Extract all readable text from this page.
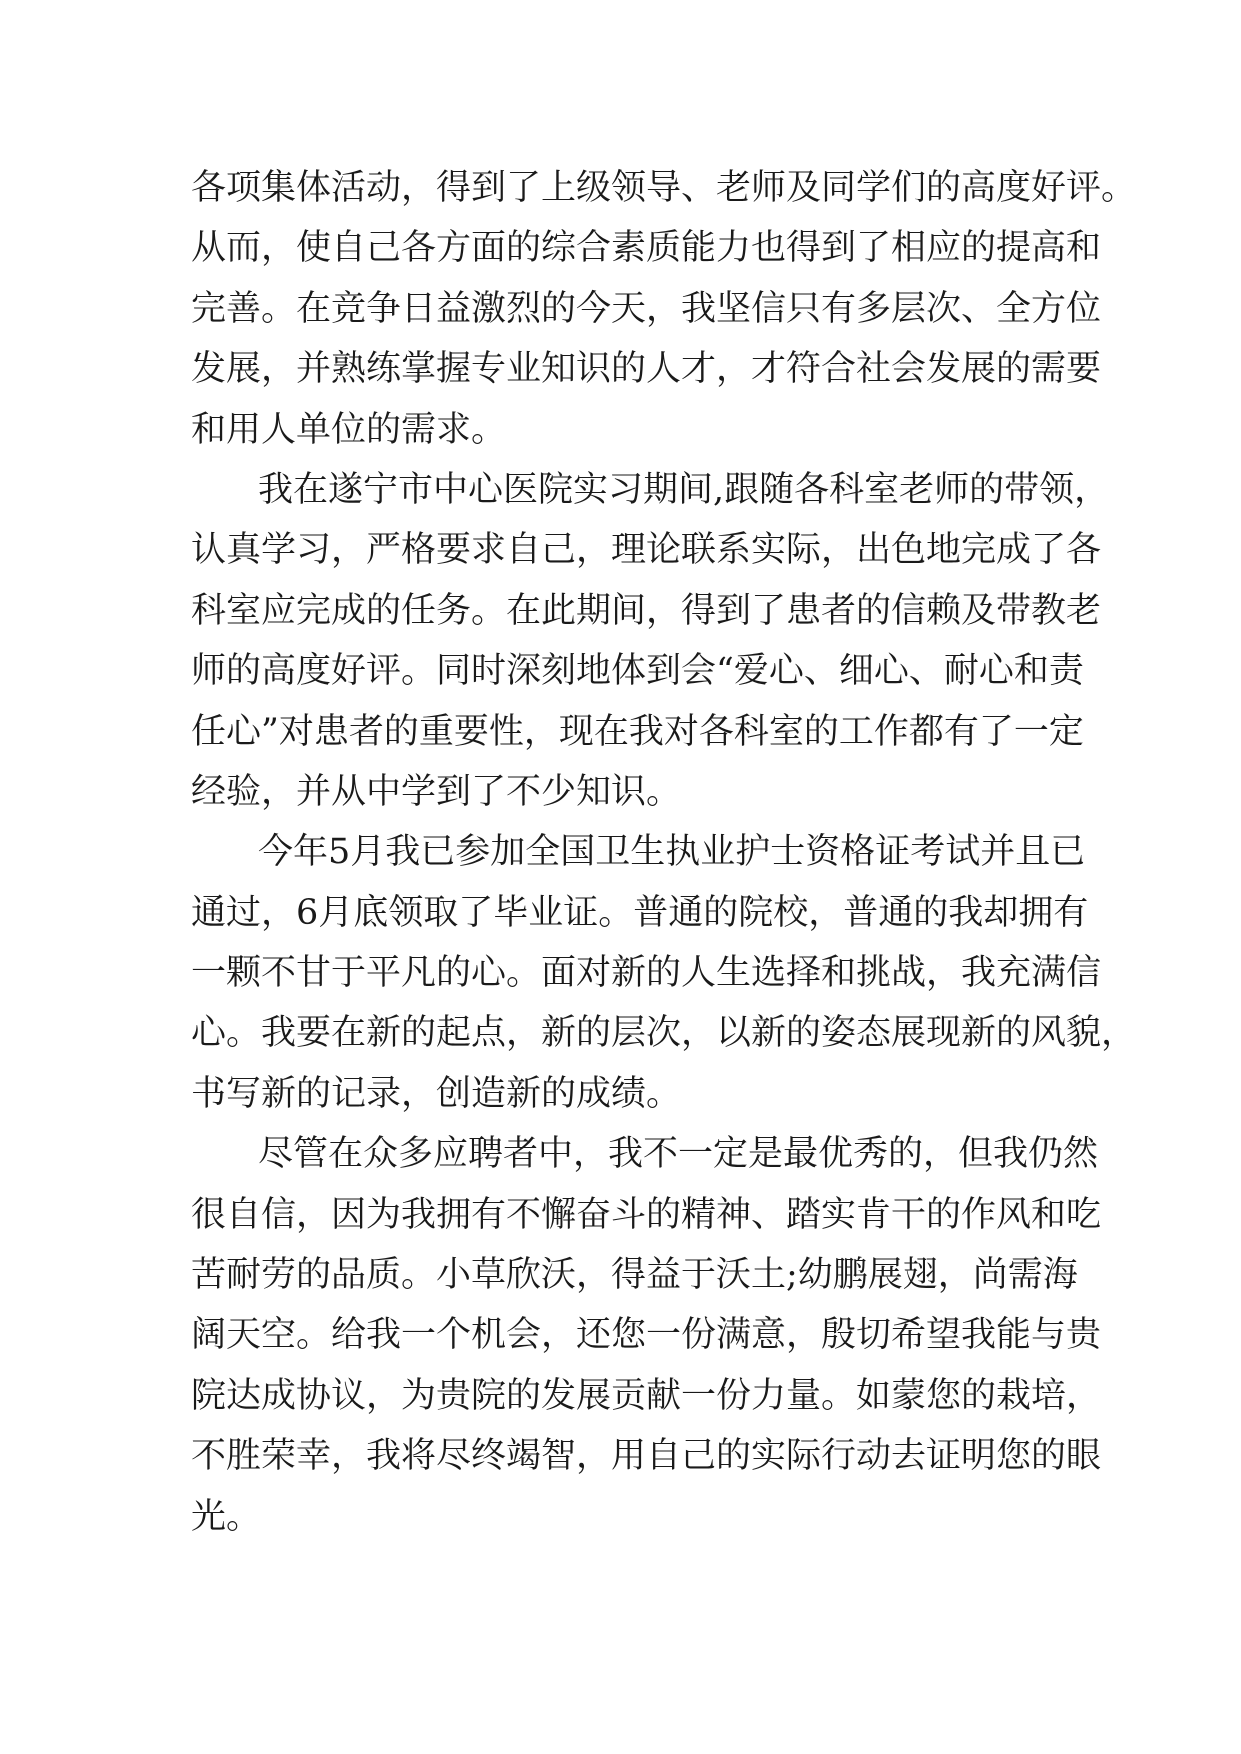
各项集体活动，得到了上级领导、老师及同学们的高度好评。
从而，使自己各方面的综合素质能力也得到了相应的提高和
完善。在竞争日益激烈的今天，我坚信只有多层次、全方位
发展，并熟练掌握专业知识的人才，才符合社会发展的需要
和用人单位的需求。
我在遂宁市中心医院实习期间,跟随各科室老师的带领，
认真学习，严格要求自己，理论联系实际，出色地完成了各
科室应完成的任务。在此期间，得到了患者的信赖及带教老
师的高度好评。同时深刻地体到会“爱心、细心、耐心和责
任心”对患者的重要性，现在我对各科室的工作都有了一定
经验，并从中学到了不少知识。
今年5月我已参加全国卫生执业护士资格证考试并且已
通过，6月底领取了毕业证。普通的院校，普通的我却拥有
一颗不甘于平凡的心。面对新的人生选择和挑战，我充满信
心。我要在新的起点，新的层次，以新的姿态展现新的风貌，
书写新的记录，创造新的成绩。
尽管在众多应聘者中，我不一定是最优秀的，但我仍然
很自信，因为我拥有不懈奋斗的精神、踏实肯干的作风和吃
苦耐劳的品质。小草欣沃，得益于沃土;幼鹏展翅，尚需海
阔天空。给我一个机会，还您一份满意，殷切希望我能与贵
院达成协议，为贵院的发展贡献一份力量。如蒙您的栽培，
不胜荣幸，我将尽终竭智，用自己的实际行动去证明您的眼
光。
